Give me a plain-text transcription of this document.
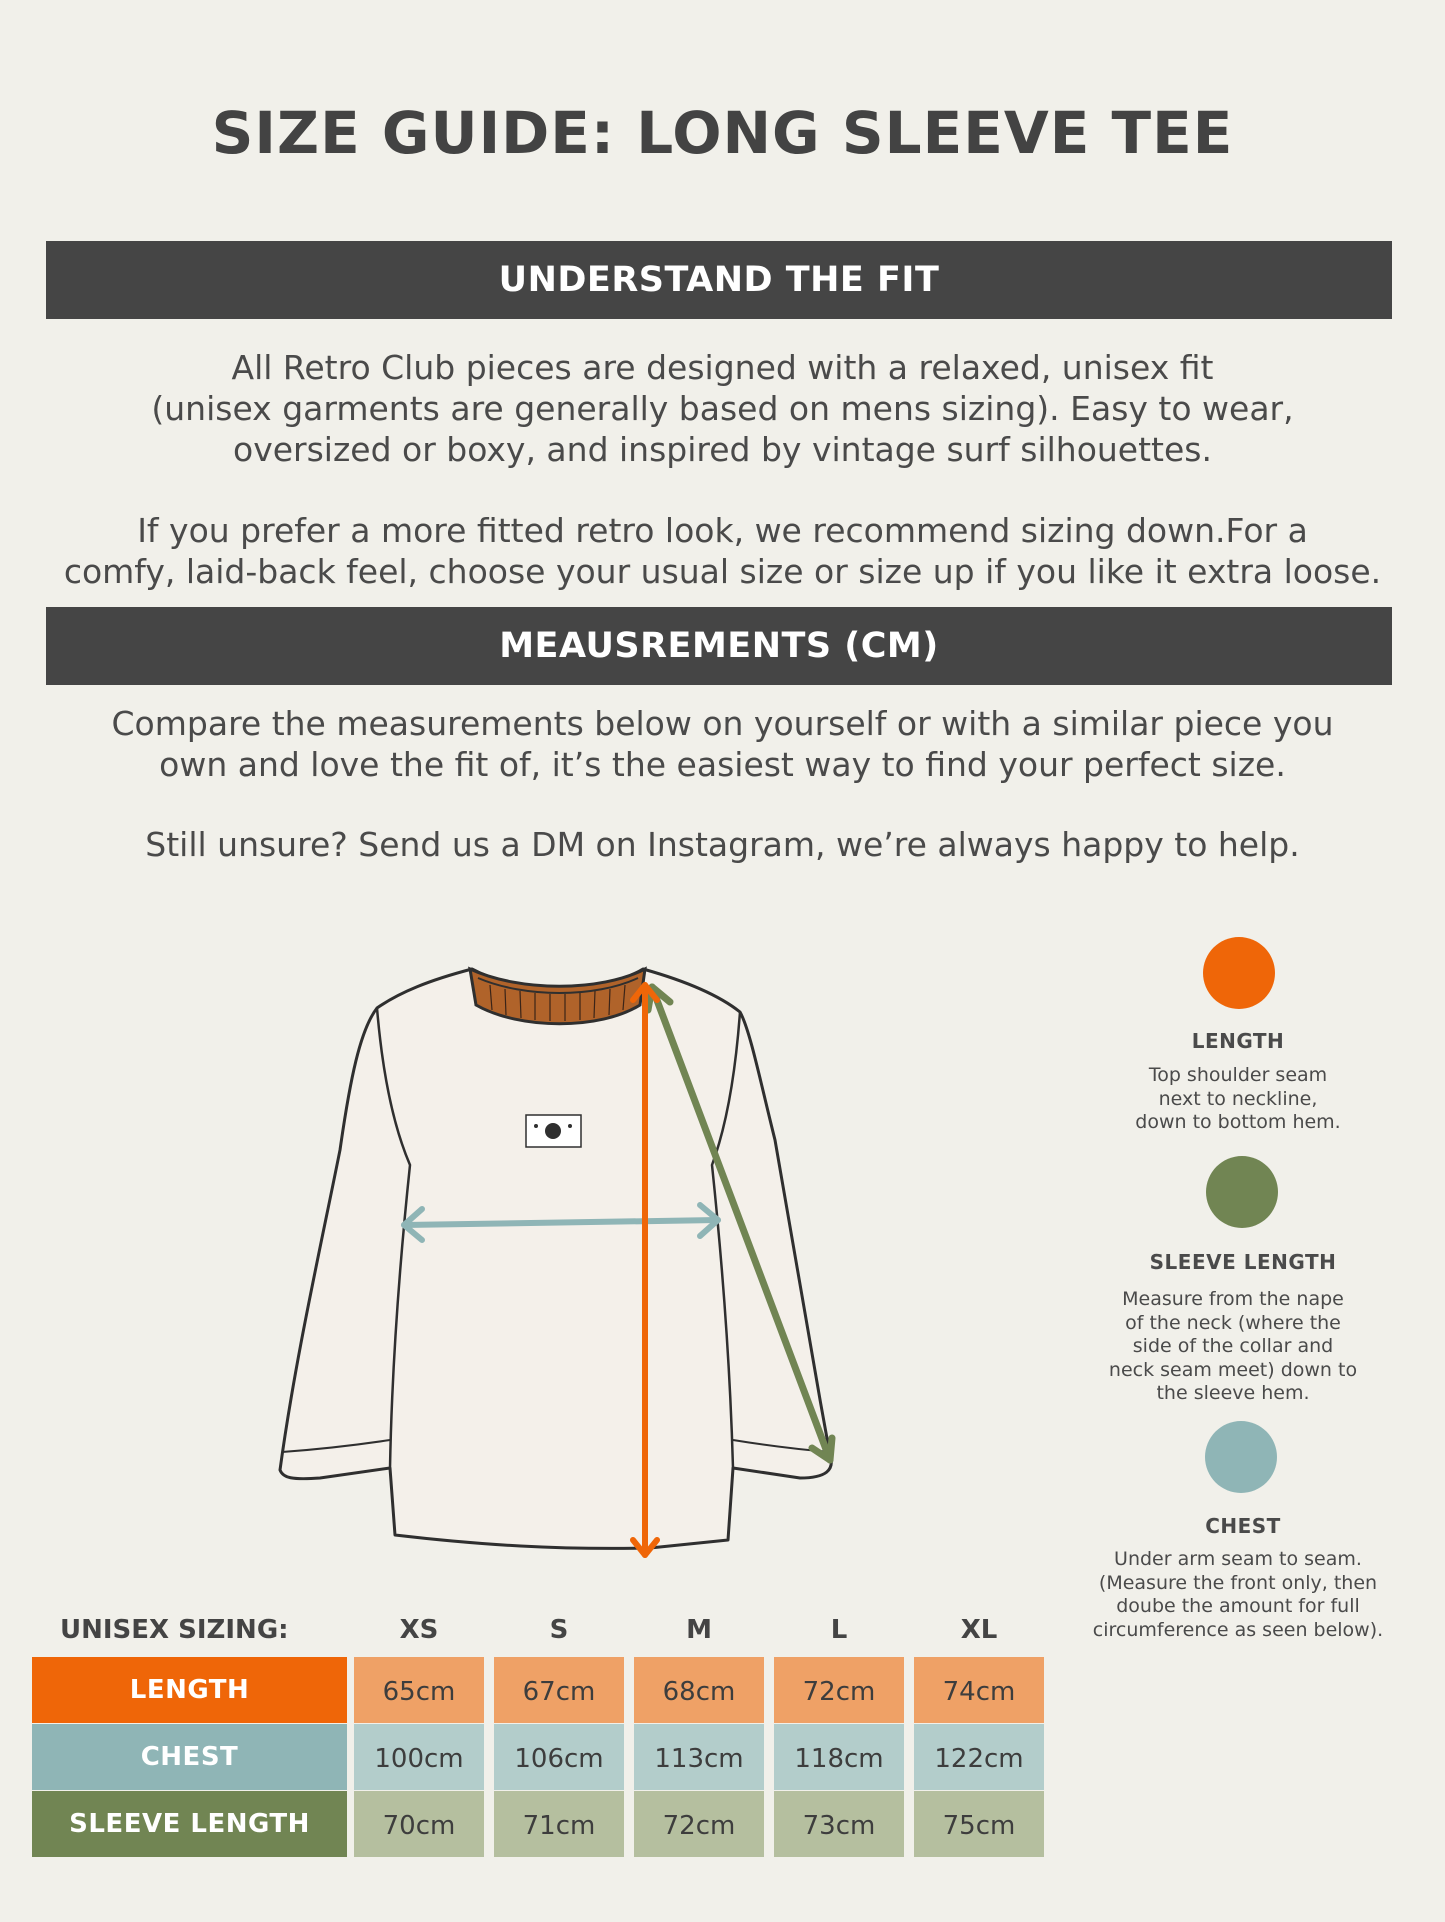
SIZE GUIDE: LONG SLEEVE TEE
UNDERSTAND THE FIT

All Retro Club pieces are designed with a relaxed, unisex fit

(unisex garments are generally based on mens sizing). Easy to wear,

oversized or boxy, and inspired by vintage surf silhouettes.

If you prefer a more fitted retro look, we recommend sizing down.For a

comfy, laid-back feel, choose your usual size or size up if you like it extra loose.

MEAUSREMENTS (CM)

Compare the measurements below on yourself or with a similar piece you

own and love the fit of, it’s the easiest way to find your perfect size.

Still unsure? Send us a DM on Instagram, we’re always happy to help.

LENGTH
Top shoulder seam
next to neckline,
down to bottom hem.
SLEEVE LENGTH
Measure from the nape
of the neck (where the
side of the collar and
neck seam meet) down to
the sleeve hem.
CHEST
Under arm seam to seam.
(Measure the front only, then
doube the amount for full
circumference as seen below).
UNISEX SIZING:	XS	S	M	L	XL
LENGTH	65cm	67cm	68cm	72cm	74cm
CHEST	100cm	106cm	113cm	118cm	122cm
SLEEVE LENGTH	70cm	71cm	72cm	73cm	75cm
